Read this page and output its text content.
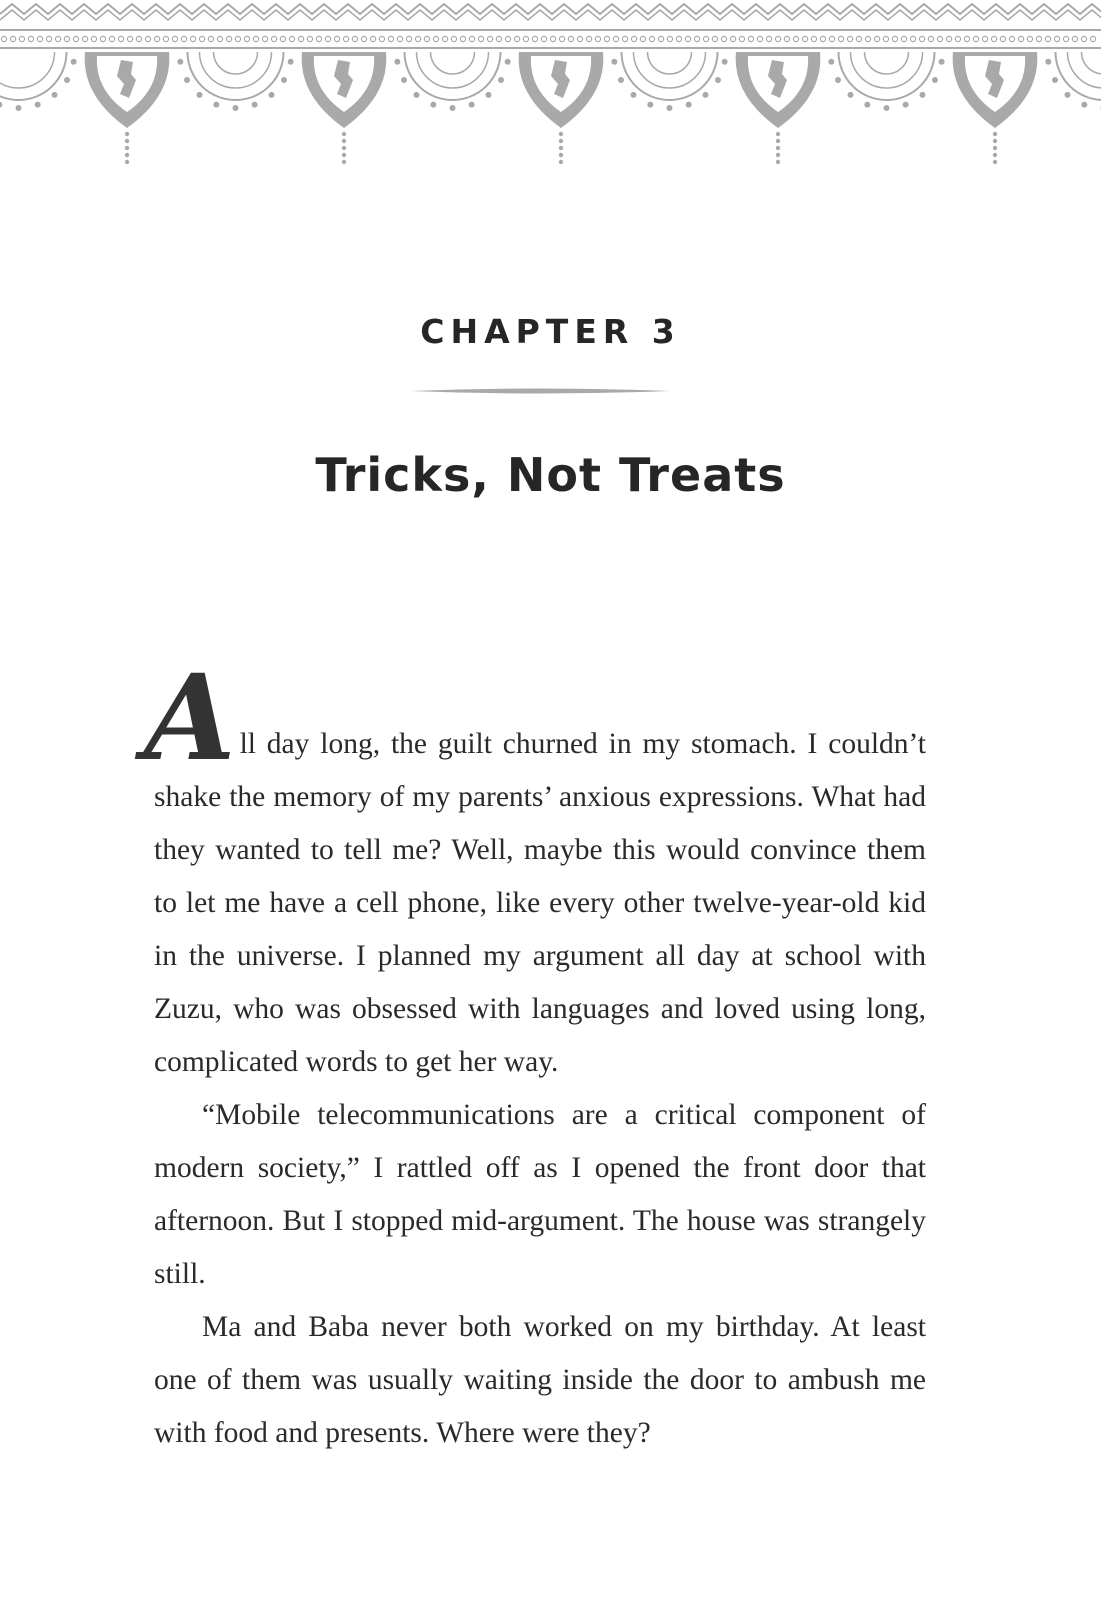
CHAPTER 3
Tricks, Not Treats

All day long, the guilt churned in my stomach. I couldn’t shake the memory of my parents’ anxious expressions. What had they wanted to tell me? Well, maybe this would convince them to let me have a cell phone, like every other twelve-year-old kid in the universe. I planned my argument all day at school with Zuzu, who was obsessed with languages and loved using long, complicated words to get her way.

“Mobile telecommunications are a critical component of modern society,” I rattled off as I opened the front door that afternoon. But I stopped mid-argument. The house was strangely still.

Ma and Baba never both worked on my birthday. At least one of them was usually waiting inside the door to ambush me with food and presents. Where were they?
